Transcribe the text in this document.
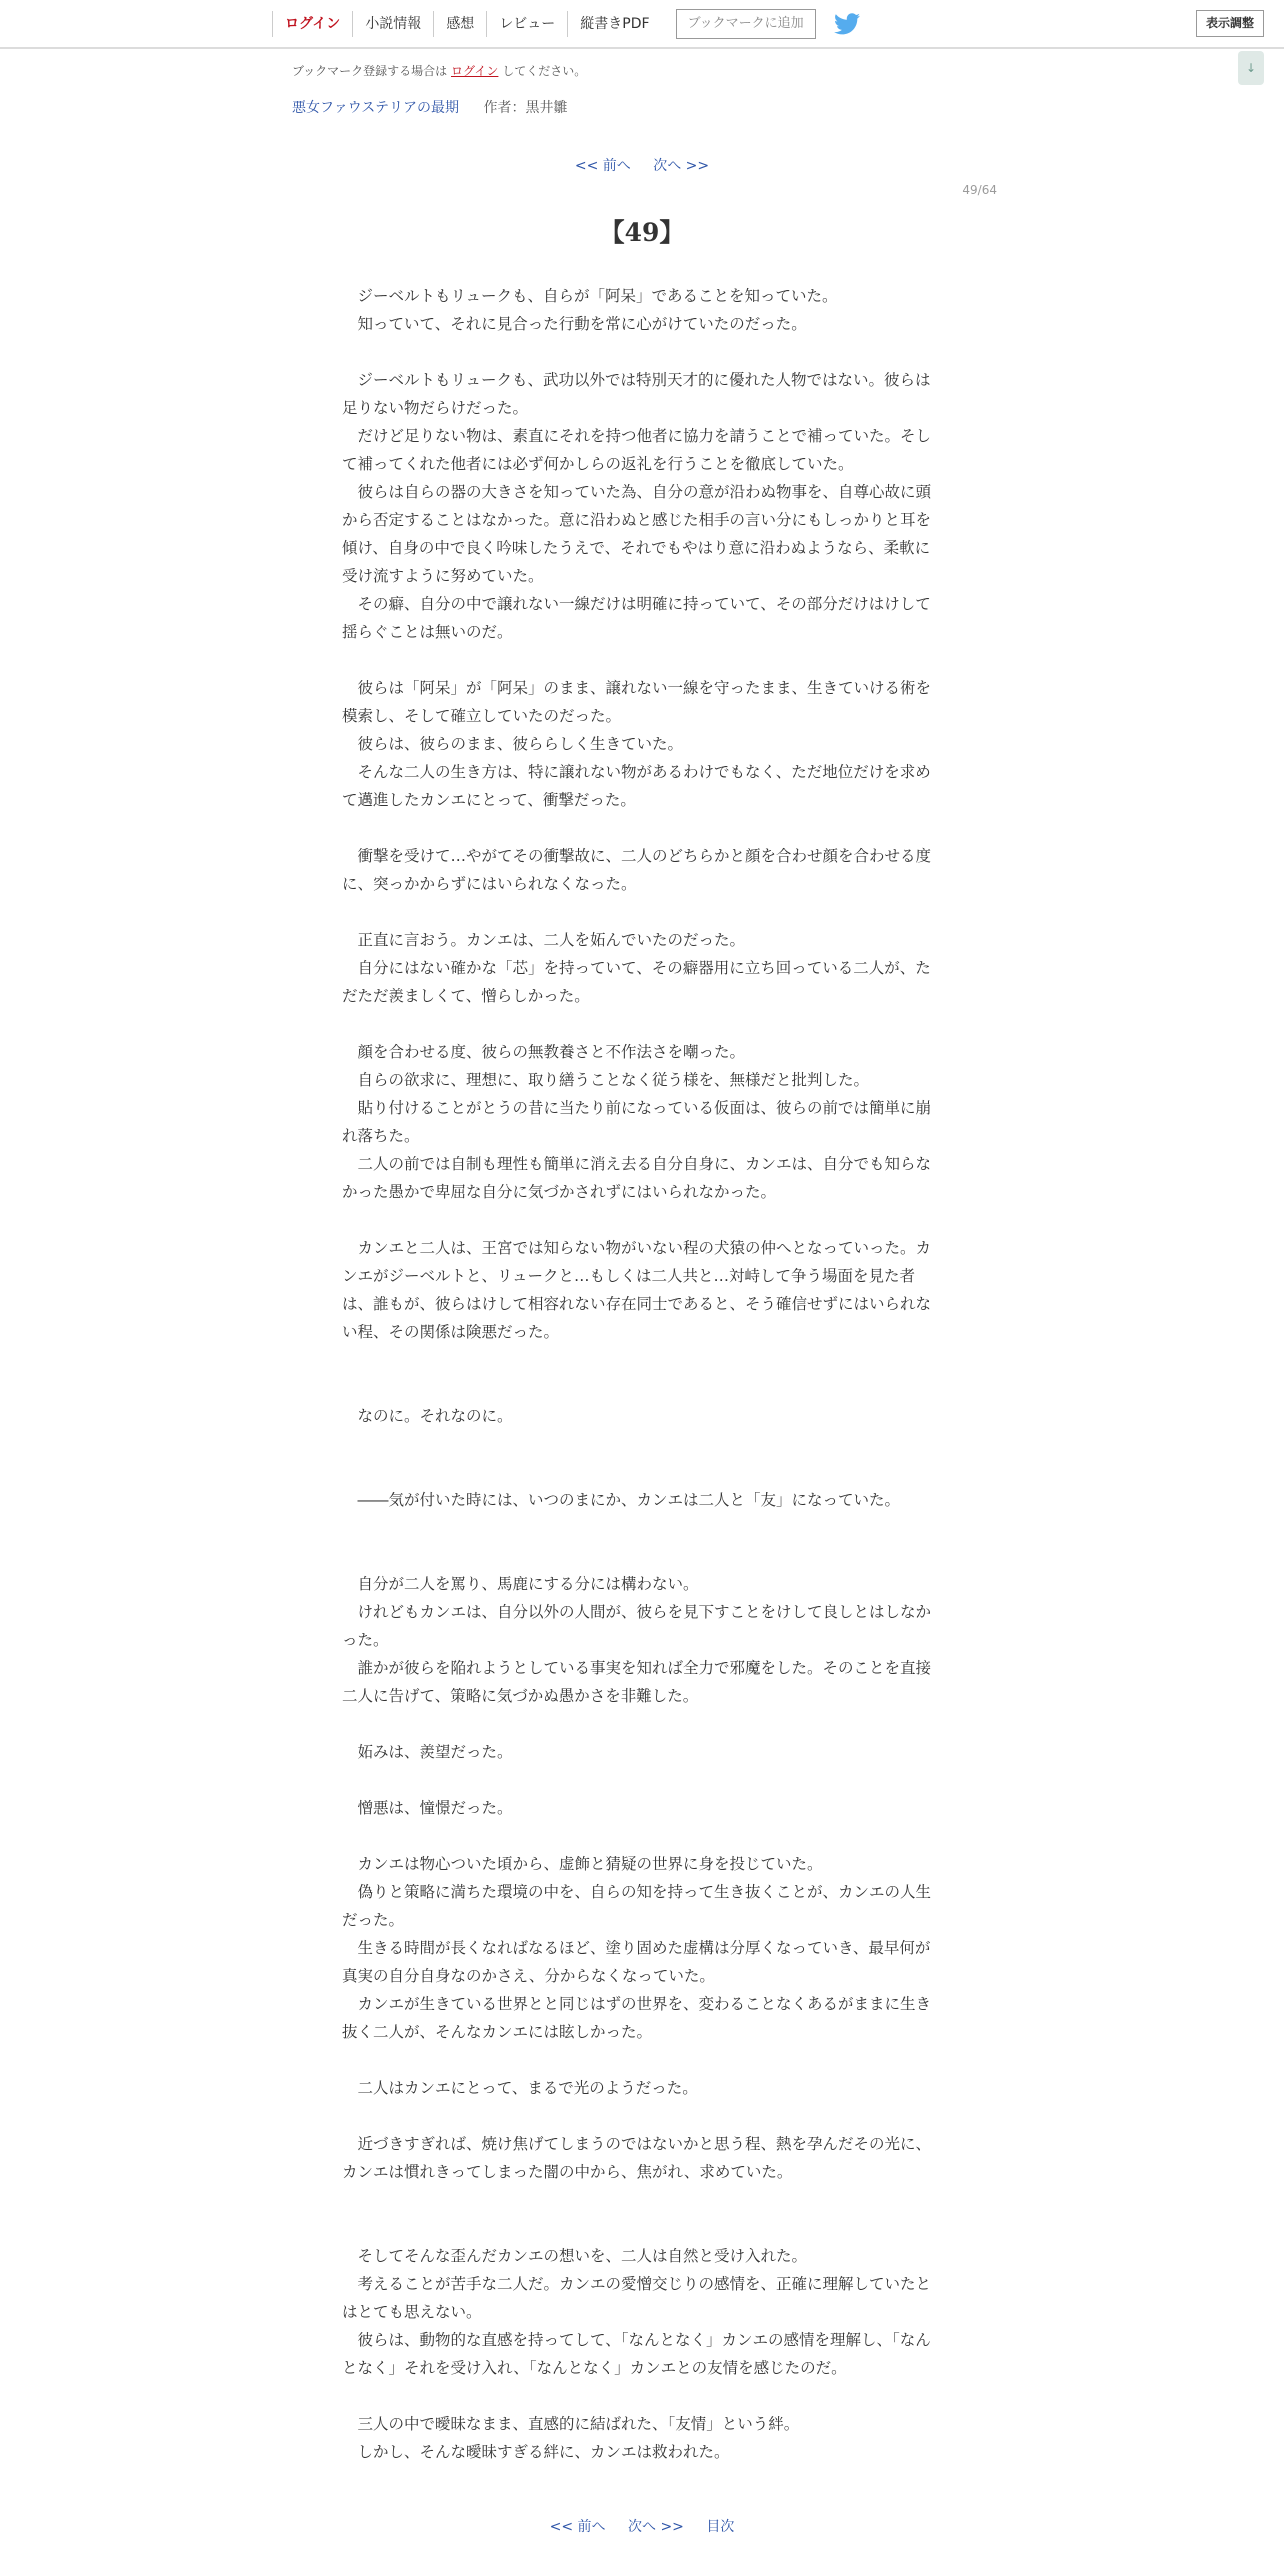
ログイン	小説情報	感想	レビュー	縦書きPDF	ブックマークに追加	表示調整
↓
ブックマーク登録する場合は ログイン してください。
悪女ファウステリアの最期 作者：黒井雛
<< 前へ 次へ >>
49/64
【49】

　ジーベルトもリュークも、自らが「阿呆」であることを知っていた。

　知っていて、それに見合った行動を常に心がけていたのだった。

　ジーベルトもリュークも、武功以外では特別天才的に優れた人物ではない。彼らは足りない物だらけだった。

　だけど足りない物は、素直にそれを持つ他者に協力を請うことで補っていた。そして補ってくれた他者には必ず何かしらの返礼を行うことを徹底していた。

　彼らは自らの器の大きさを知っていた為、自分の意が沿わぬ物事を、自尊心故に頭から否定することはなかった。意に沿わぬと感じた相手の言い分にもしっかりと耳を傾け、自身の中で良く吟味したうえで、それでもやはり意に沿わぬようなら、柔軟に受け流すように努めていた。

　その癖、自分の中で譲れない一線だけは明確に持っていて、その部分だけはけして揺らぐことは無いのだ。

　彼らは「阿呆」が「阿呆」のまま、譲れない一線を守ったまま、生きていける術を模索し、そして確立していたのだった。

　彼らは、彼らのまま、彼ららしく生きていた。

　そんな二人の生き方は、特に譲れない物があるわけでもなく、ただ地位だけを求めて邁進したカンエにとって、衝撃だった。

　衝撃を受けて…やがてその衝撃故に、二人のどちらかと顔を合わせ顔を合わせる度に、突っかからずにはいられなくなった。

　正直に言おう。カンエは、二人を妬んでいたのだった。

　自分にはない確かな「芯」を持っていて、その癖器用に立ち回っている二人が、ただただ羨ましくて、憎らしかった。

　顔を合わせる度、彼らの無教養さと不作法さを嘲った。

　自らの欲求に、理想に、取り繕うことなく従う様を、無様だと批判した。

　貼り付けることがとうの昔に当たり前になっている仮面は、彼らの前では簡単に崩れ落ちた。

　二人の前では自制も理性も簡単に消え去る自分自身に、カンエは、自分でも知らなかった愚かで卑屈な自分に気づかされずにはいられなかった。

　カンエと二人は、王宮では知らない物がいない程の犬猿の仲へとなっていった。カンエがジーベルトと、リュークと…もしくは二人共と…対峙して争う場面を見た者は、誰もが、彼らはけして相容れない存在同士であると、そう確信せずにはいられない程、その関係は険悪だった。

　なのに。それなのに。

　――気が付いた時には、いつのまにか、カンエは二人と「友」になっていた。

　自分が二人を罵り、馬鹿にする分には構わない。

　けれどもカンエは、自分以外の人間が、彼らを見下すことをけして良しとはしなかった。

　誰かが彼らを陥れようとしている事実を知れば全力で邪魔をした。そのことを直接二人に告げて、策略に気づかぬ愚かさを非難した。

　妬みは、羨望だった。

　憎悪は、憧憬だった。

　カンエは物心ついた頃から、虚飾と猜疑の世界に身を投じていた。

　偽りと策略に満ちた環境の中を、自らの知を持って生き抜くことが、カンエの人生だった。

　生きる時間が長くなればなるほど、塗り固めた虚構は分厚くなっていき、最早何が真実の自分自身なのかさえ、分からなくなっていた。

　カンエが生きている世界とと同じはずの世界を、変わることなくあるがままに生き抜く二人が、そんなカンエには眩しかった。

　二人はカンエにとって、まるで光のようだった。

　近づきすぎれば、焼け焦げてしまうのではないかと思う程、熱を孕んだその光に、カンエは慣れきってしまった闇の中から、焦がれ、求めていた。

　そしてそんな歪んだカンエの想いを、二人は自然と受け入れた。

　考えることが苦手な二人だ。カンエの愛憎交じりの感情を、正確に理解していたとはとても思えない。

　彼らは、動物的な直感を持ってして、「なんとなく」カンエの感情を理解し、「なんとなく」それを受け入れ、「なんとなく」カンエとの友情を感じたのだ。

　三人の中で曖昧なまま、直感的に結ばれた、「友情」という絆。

　しかし、そんな曖昧すぎる絆に、カンエは救われた。

<< 前へ 次へ >> 目次
